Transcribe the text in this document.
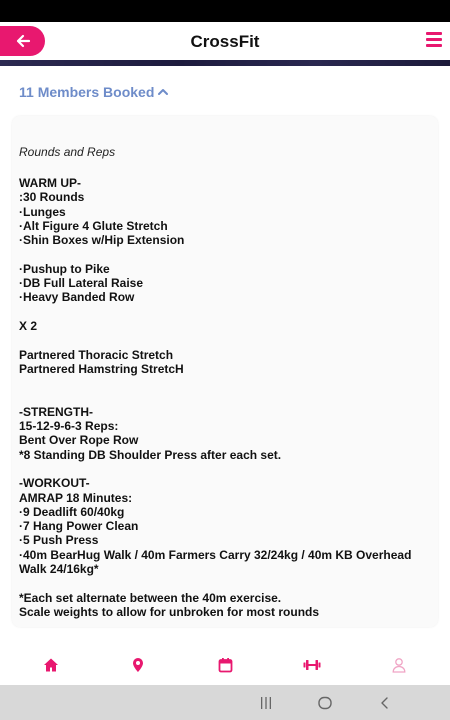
CrossFit
11 Members Booked
Rounds and Reps
WARM UP-
:30 Rounds
·Lunges
·Alt Figure 4 Glute Stretch
·Shin Boxes w/Hip Extension

·Pushup to Pike
·DB Full Lateral Raise
·Heavy Banded Row

X 2

Partnered Thoracic Stretch
Partnered Hamstring StretcH

-STRENGTH-
15-12-9-6-3 Reps:
Bent Over Rope Row
*8 Standing DB Shoulder Press after each set.

-WORKOUT-
AMRAP 18 Minutes:
·9 Deadlift 60/40kg
·7 Hang Power Clean
·5 Push Press
·40m BearHug Walk / 40m Farmers Carry 32/24kg / 40m KB Overhead Walk 24/16kg*

*Each set alternate between the 40m exercise.
Scale weights to allow for unbroken for most rounds
